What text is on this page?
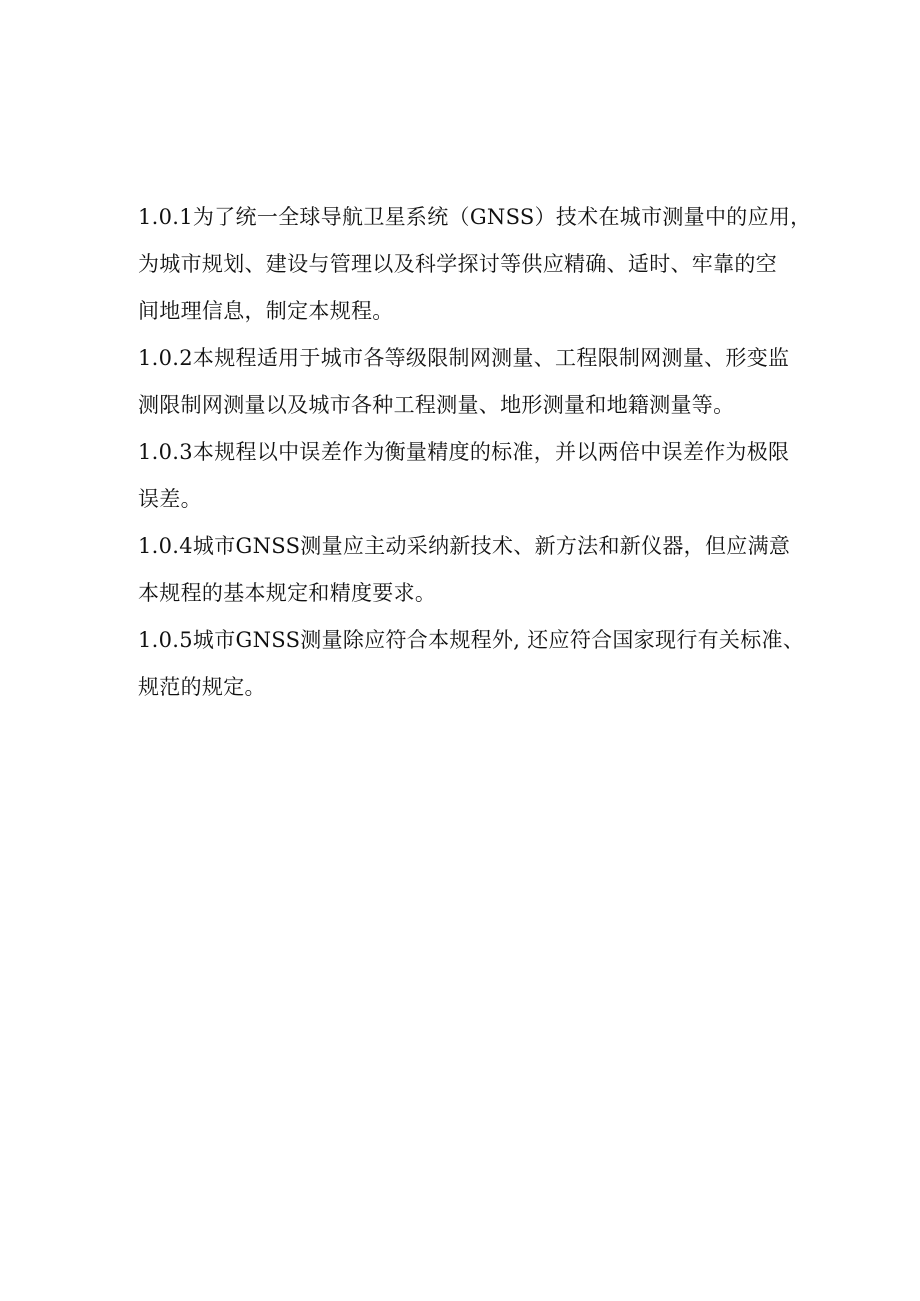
1.0.1为了统一全球导航卫星系统（GNSS）技术在城市测量中的应用，
为城市规划、建设与管理以及科学探讨等供应精确、适时、牢靠的空
间地理信息，制定本规程。
1.0.2本规程适用于城市各等级限制网测量、工程限制网测量、形变监
测限制网测量以及城市各种工程测量、地形测量和地籍测量等。
1.0.3本规程以中误差作为衡量精度的标准，并以两倍中误差作为极限
误差。
1.0.4城市GNSS测量应主动采纳新技术、新方法和新仪器，但应满意
本规程的基本规定和精度要求。
1.0.5城市GNSS测量除应符合本规程外, 还应符合国家现行有关标准、
规范的规定。
